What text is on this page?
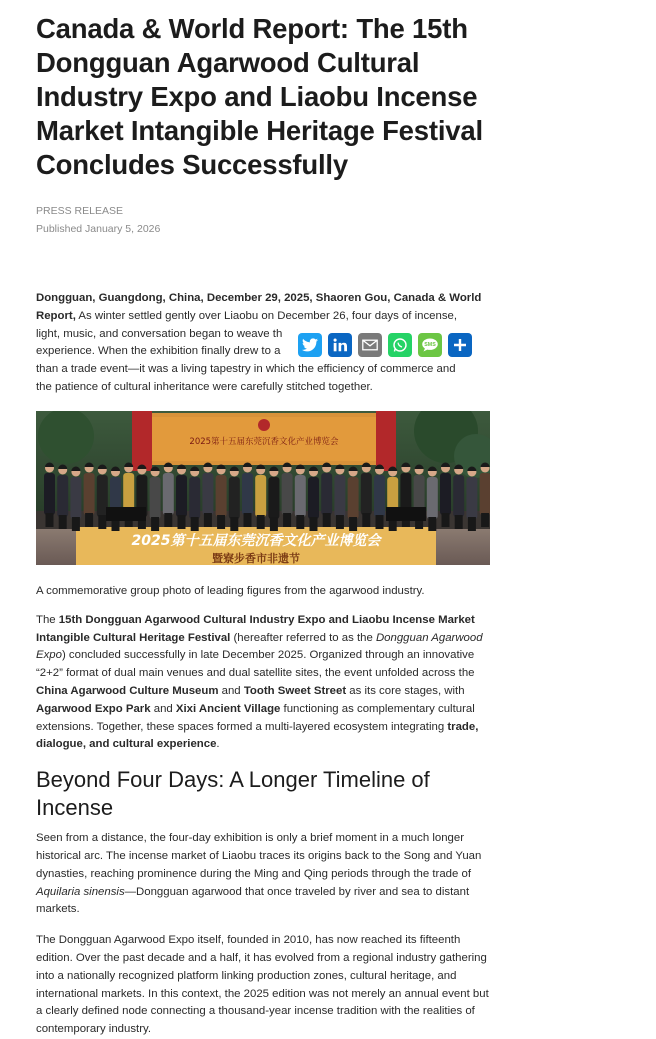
Canada & World Report: The 15th Dongguan Agarwood Cultural Industry Expo and Liaobu Incense Market Intangible Heritage Festival Concludes Successfully
PRESS RELEASE
Published January 5, 2026

Dongguan, Guangdong, China, December 29, 2025, Shaoren Gou, Canada & World Report, As winter settled gently over Liaobu on December 26, four days of incense,
light, music, and conversation began to weave th
experience. When the exhibition finally drew to a
than a trade event—it was a living tapestry in which the efficiency of commerce and
the patience of cultural inheritance were carefully stitched together.

SMS
2025第十五届东莞沉香文化产业博览会
2025第十五届东莞沉香文化产业博览会
暨寮步香市非遗节
A commemorative group photo of leading figures from the agarwood industry.

The 15th Dongguan Agarwood Cultural Industry Expo and Liaobu Incense Market Intangible Cultural Heritage Festival (hereafter referred to as the Dongguan Agarwood Expo) concluded successfully in late December 2025. Organized through an innovative “2+2” format of dual main venues and dual satellite sites, the event unfolded across the China Agarwood Culture Museum and Tooth Sweet Street as its core stages, with Agarwood Expo Park and Xixi Ancient Village functioning as complementary cultural extensions. Together, these spaces formed a multi-layered ecosystem integrating trade, dialogue, and cultural experience.

Beyond Four Days: A Longer Timeline of Incense

Seen from a distance, the four-day exhibition is only a brief moment in a much longer historical arc. The incense market of Liaobu traces its origins back to the Song and Yuan dynasties, reaching prominence during the Ming and Qing periods through the trade of Aquilaria sinensis—Dongguan agarwood that once traveled by river and sea to distant markets.

The Dongguan Agarwood Expo itself, founded in 2010, has now reached its fifteenth edition. Over the past decade and a half, it has evolved from a regional industry gathering into a nationally recognized platform linking production zones, cultural heritage, and international markets. In this context, the 2025 edition was not merely an annual event but a clearly defined node connecting a thousand-year incense tradition with the realities of contemporary industry.
